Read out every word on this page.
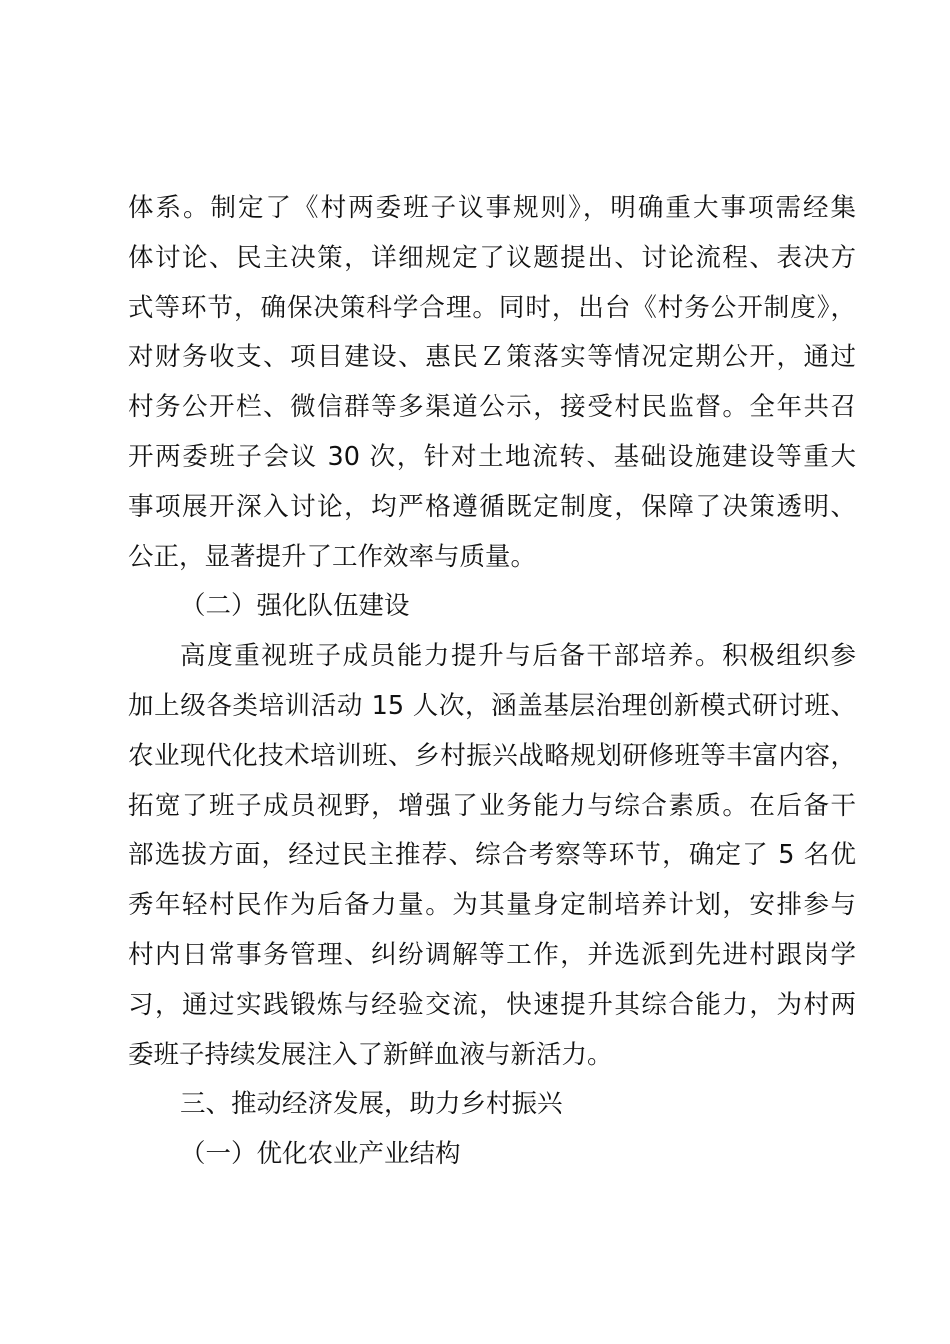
体系。制定了《村两委班子议事规则》，明确重大事项需经集
体讨论、民主决策，详细规定了议题提出、讨论流程、表决方
式等环节，确保决策科学合理。同时，出台《村务公开制度》，
对财务收支、项目建设、惠民Ｚ策落实等情况定期公开，通过
村务公开栏、微信群等多渠道公示，接受村民监督。全年共召
开两委班子会议 30 次，针对土地流转、基础设施建设等重大
事项展开深入讨论，均严格遵循既定制度，保障了决策透明、
公正，显著提升了工作效率与质量。
（二）强化队伍建设
高度重视班子成员能力提升与后备干部培养。积极组织参
加上级各类培训活动 15 人次，涵盖基层治理创新模式研讨班、
农业现代化技术培训班、乡村振兴战略规划研修班等丰富内容，
拓宽了班子成员视野，增强了业务能力与综合素质。在后备干
部选拔方面，经过民主推荐、综合考察等环节，确定了 5 名优
秀年轻村民作为后备力量。为其量身定制培养计划，安排参与
村内日常事务管理、纠纷调解等工作，并选派到先进村跟岗学
习，通过实践锻炼与经验交流，快速提升其综合能力，为村两
委班子持续发展注入了新鲜血液与新活力。
三、推动经济发展，助力乡村振兴
（一）优化农业产业结构
